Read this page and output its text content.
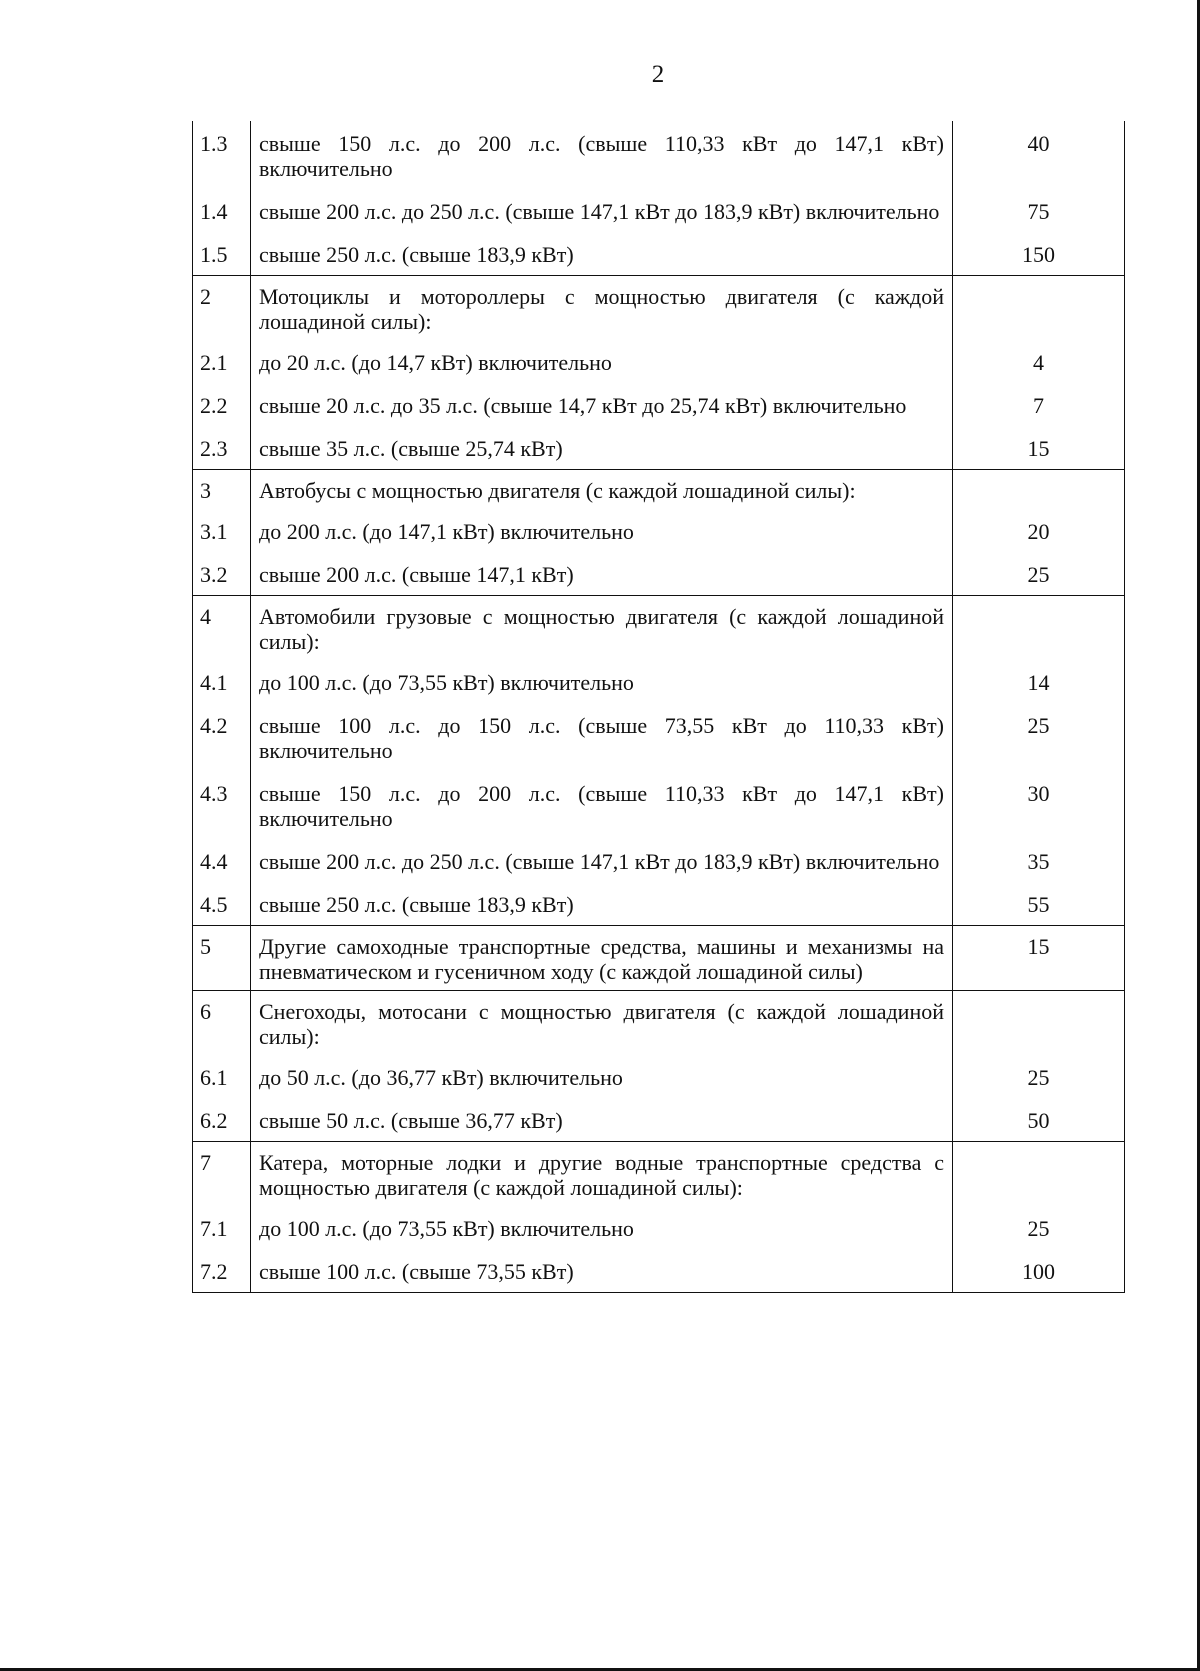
2
1.3	свыше 150 л.с. до 200 л.с. (свыше 110,33 кВт до 147,1 кВт) включительно	40
1.4	свыше 200 л.с. до 250 л.с. (свыше 147,1 кВт до 183,9 кВт) включительно	75
1.5	свыше 250 л.с. (свыше 183,9 кВт)	150
2	Мотоциклы и мотороллеры с мощностью двигателя (с каждой лошадиной силы):	
2.1	до 20 л.с. (до 14,7 кВт) включительно	4
2.2	свыше 20 л.с. до 35 л.с. (свыше 14,7 кВт до 25,74 кВт) включительно	7
2.3	свыше 35 л.с. (свыше 25,74 кВт)	15
3	Автобусы с мощностью двигателя (с каждой лошадиной силы):	
3.1	до 200 л.с. (до 147,1 кВт) включительно	20
3.2	свыше 200 л.с. (свыше 147,1 кВт)	25
4	Автомобили грузовые с мощностью двигателя (с каждой лошадиной силы):	
4.1	до 100 л.с. (до 73,55 кВт) включительно	14
4.2	свыше 100 л.с. до 150 л.с. (свыше 73,55 кВт до 110,33 кВт) включительно	25
4.3	свыше 150 л.с. до 200 л.с. (свыше 110,33 кВт до 147,1 кВт) включительно	30
4.4	свыше 200 л.с. до 250 л.с. (свыше 147,1 кВт до 183,9 кВт) включительно	35
4.5	свыше 250 л.с. (свыше 183,9 кВт)	55
5	Другие самоходные транспортные средства, машины и механизмы на пневматическом и гусеничном ходу (с каждой лошадиной силы)	15
6	Снегоходы, мотосани с мощностью двигателя (с каждой лошадиной силы):	
6.1	до 50 л.с. (до 36,77 кВт) включительно	25
6.2	свыше 50 л.с. (свыше 36,77 кВт)	50
7	Катера, моторные лодки и другие водные транспортные средства с мощностью двигателя (с каждой лошадиной силы):	
7.1	до 100 л.с. (до 73,55 кВт) включительно	25
7.2	свыше 100 л.с. (свыше 73,55 кВт)	100
